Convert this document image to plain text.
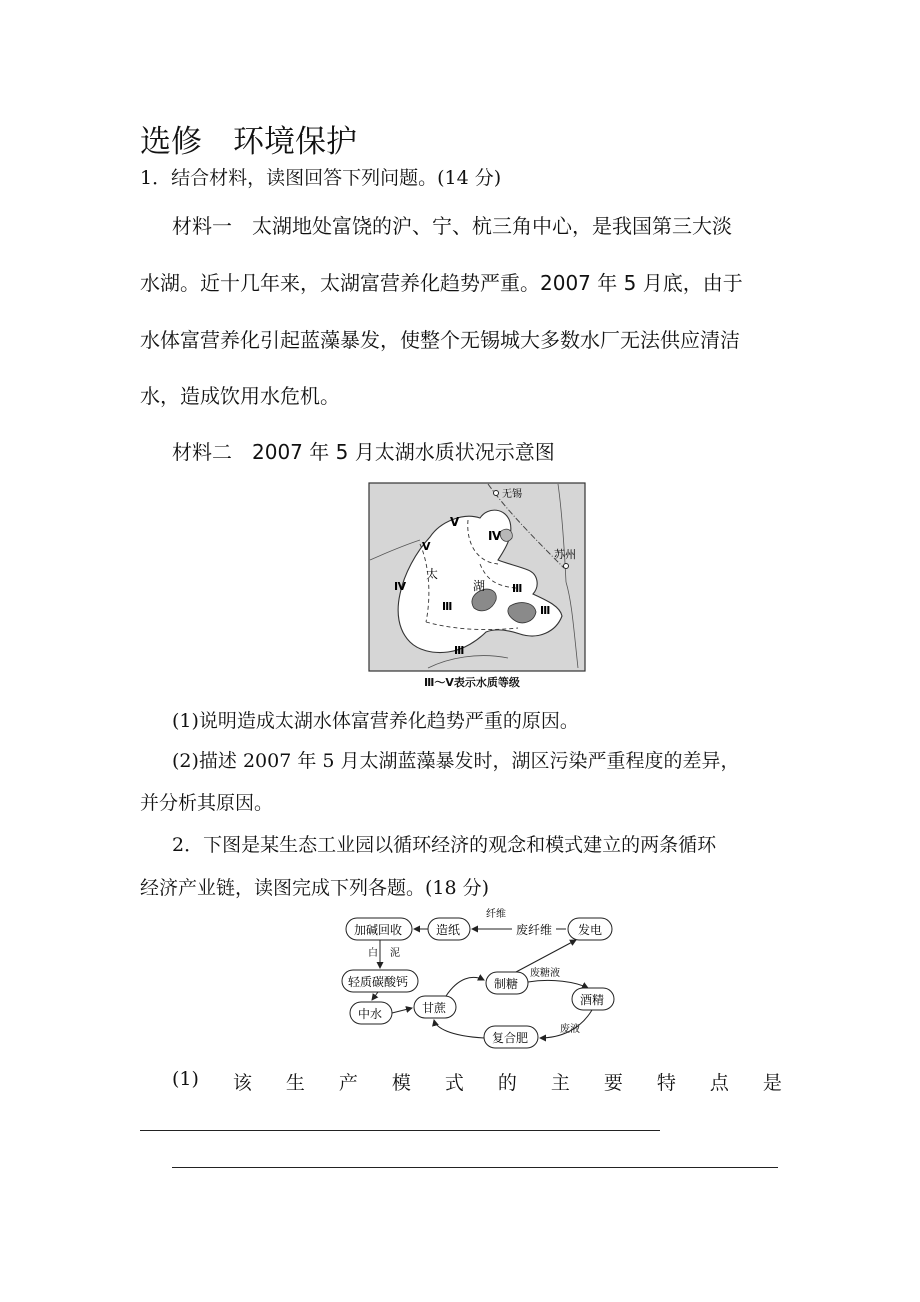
选修　环境保护
1．结合材料，读图回答下列问题。(14 分)
材料一　太湖地处富饶的沪、宁、杭三角中心，是我国第三大淡
水湖。近十几年来，太湖富营养化趋势严重。2007 年 5 月底，由于
水体富营养化引起蓝藻暴发，使整个无锡城大多数水厂无法供应清洁
水，造成饮用水危机。
材料二　2007 年 5 月太湖水质状况示意图
无锡
苏州
太
湖
Ⅴ
Ⅳ
Ⅴ
Ⅳ
Ⅲ
Ⅲ
Ⅲ
Ⅲ
Ⅲ～Ⅴ表示水质等级
(1)说明造成太湖水体富营养化趋势严重的原因。
(2)描述 2007 年 5 月太湖蓝藻暴发时，湖区污染严重程度的差异，
并分析其原因。
2．下图是某生态工业园以循环经济的观念和模式建立的两条循环
经济产业链，读图完成下列各题。(18 分)
加碱回收	造纸	废纤维 发电
轻质碳酸钙
中水	甘蔗
制糖
酒精
复合肥
纤维
白 泥
废糖液
废液
(1) 该 生 产 模 式 的 主 要 特 点 是
